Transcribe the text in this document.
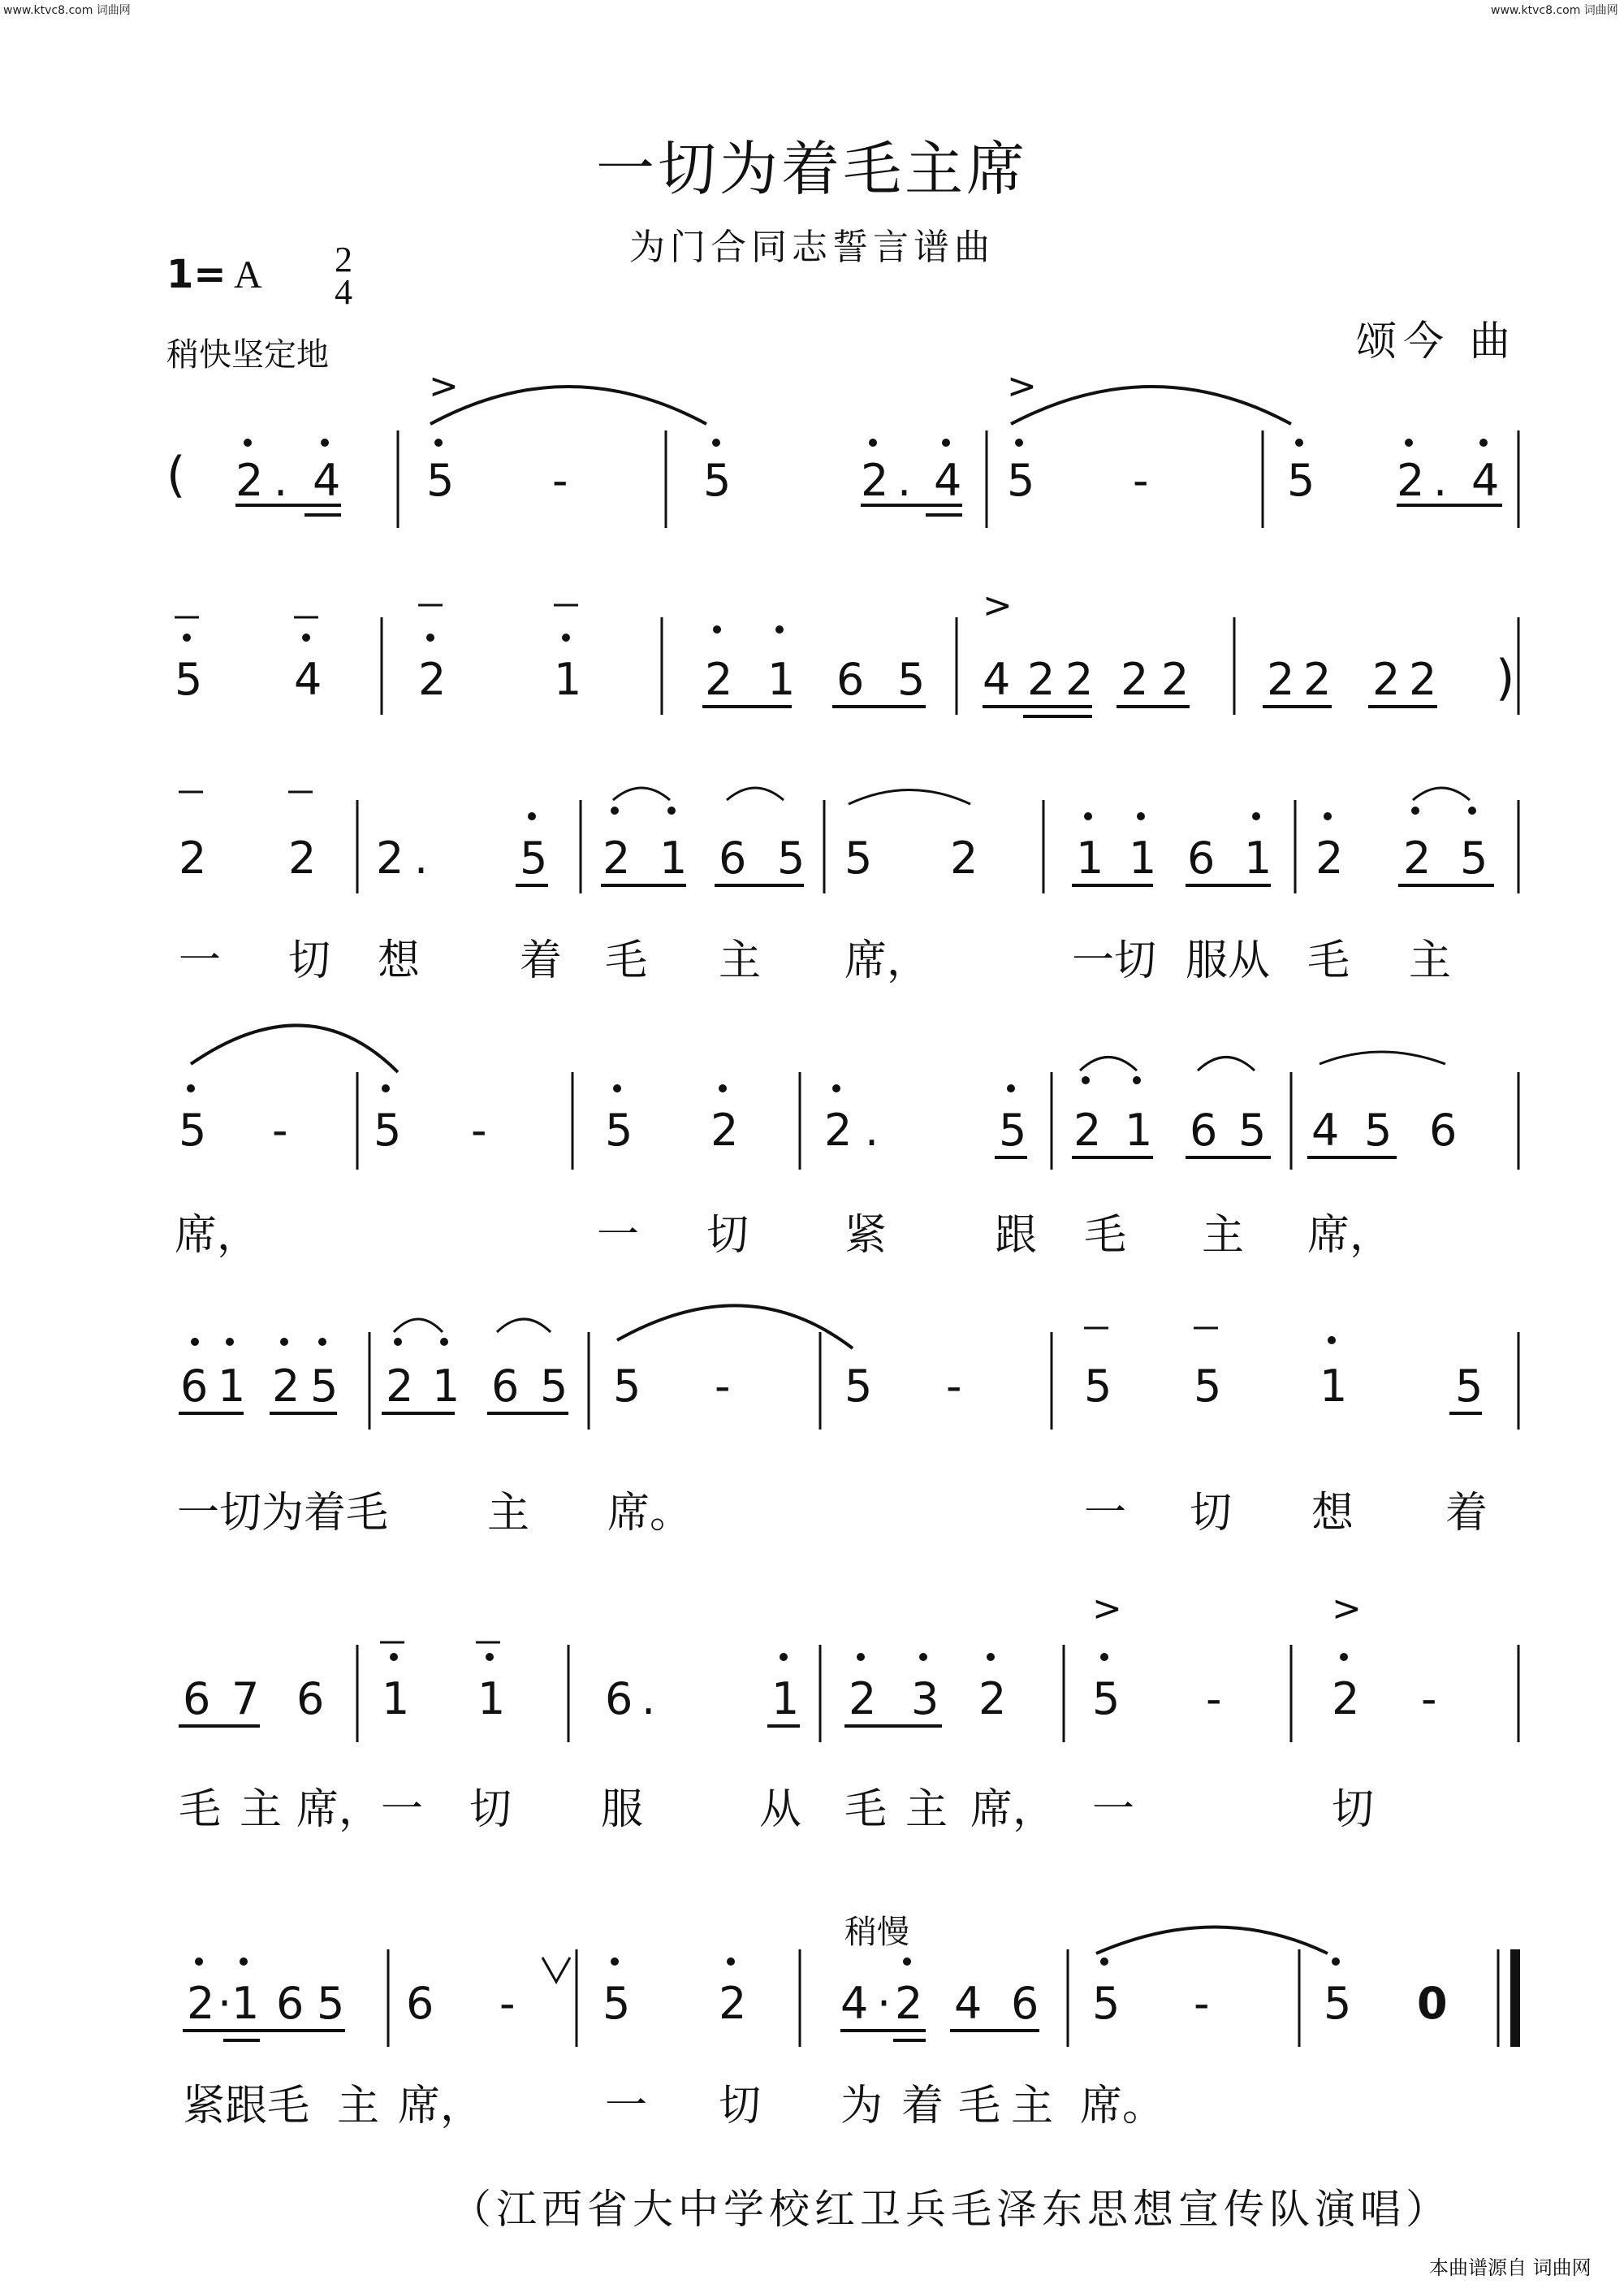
www.ktvc8.com 词曲网	www.ktvc8.com 词曲网
本曲谱源自 词曲网
一切为着毛主席
为门合同志誓言谱曲
1= A 2
4
稍快坚定地	颂今 曲
( 2 . 4 5 -
>
5	2 . 4 5 -
>
5 2 . 4
5 4 2 1	2 1 6 5
>
4 2 2 2 2 2 2 2 2 )
2 2 2 . 5 2 1 6 5 5 2 1 1 6 1 2 2 5
5 - 5 -	5 2 2 .	5 2 1 6 5 4 5 6
6 1 2 5 2 1 6 5 5 -	5 -	5 5 1 5
6 7 6 1 1 6 .	1 2 3 2
>
5 -
>
2 -
2 · 1 6 5 6 - 5 2
稍慢
4 · 2 4 6 5 -	5 0
一 切 想 着 毛 主 席，	一切 服从 毛 主
席，	一 切 紧	跟 毛 主 席，
一切为着毛 主 席。	一 切 想 着
毛 主 席，一 切 服	从 毛 主 席， 一	切
紧跟毛 主 席，	一 切 为 着 毛 主 席。
（江西省大中学校红卫兵毛泽东思想宣传队演唱）
